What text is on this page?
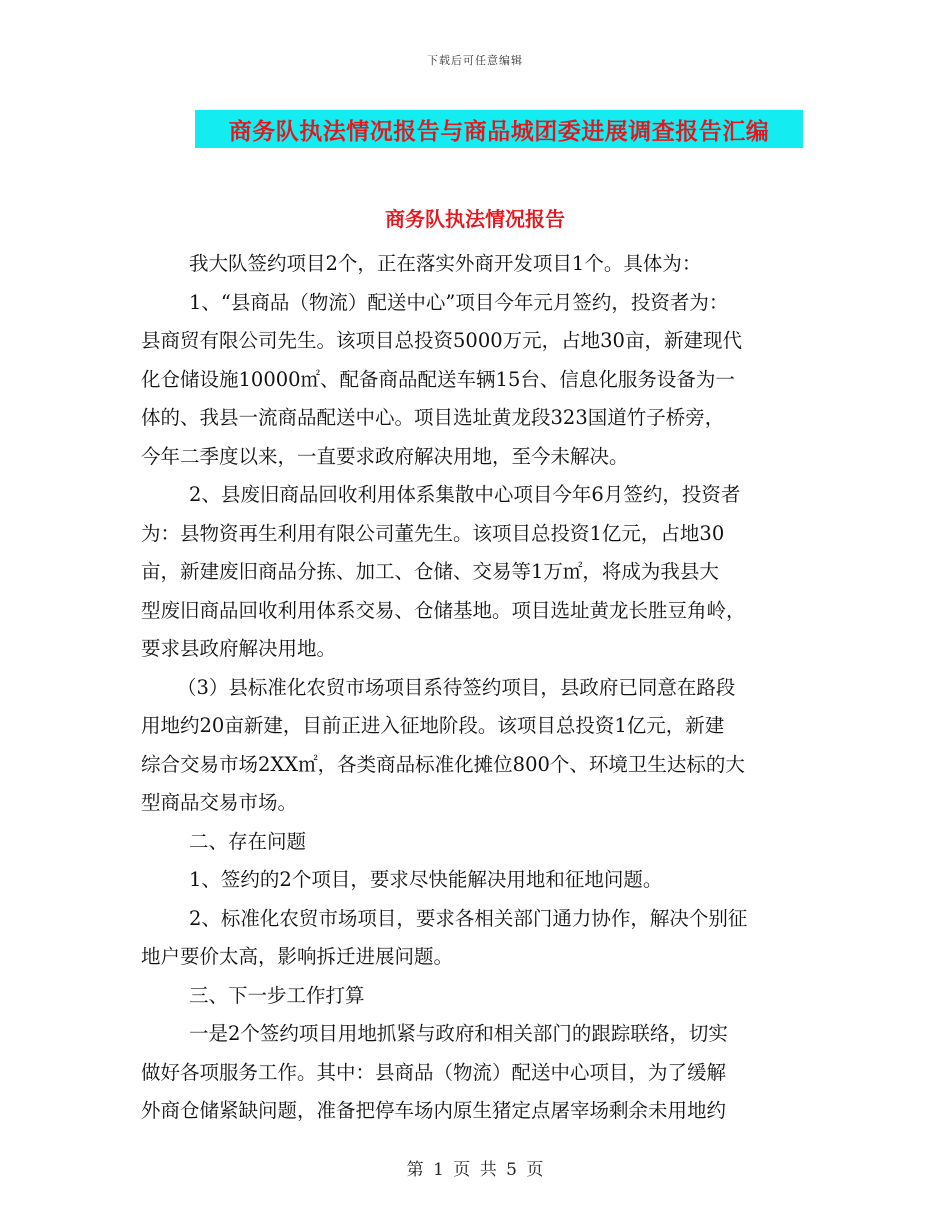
下载后可任意编辑
商务队执法情况报告与商品城团委进展调查报告汇编
商务队执法情况报告
我大队签约项目2个，正在落实外商开发项目1个。具体为：
1、“县商品（物流）配送中心”项目今年元月签约，投资者为：
县商贸有限公司先生。该项目总投资5000万元，占地30亩，新建现代
化仓储设施10000㎡、配备商品配送车辆15台、信息化服务设备为一
体的、我县一流商品配送中心。项目选址黄龙段323国道竹子桥旁，
今年二季度以来，一直要求政府解决用地，至今未解决。
2、县废旧商品回收利用体系集散中心项目今年6月签约，投资者
为：县物资再生利用有限公司董先生。该项目总投资1亿元，占地30
亩，新建废旧商品分拣、加工、仓储、交易等1万㎡，将成为我县大
型废旧商品回收利用体系交易、仓储基地。项目选址黄龙长胜豆角岭，
要求县政府解决用地。
（3）县标准化农贸市场项目系待签约项目，县政府已同意在路段
用地约20亩新建，目前正进入征地阶段。该项目总投资1亿元，新建
综合交易市场2XX㎡，各类商品标准化摊位800个、环境卫生达标的大
型商品交易市场。
二、存在问题
1、签约的2个项目，要求尽快能解决用地和征地问题。
2、标准化农贸市场项目，要求各相关部门通力协作，解决个别征
地户要价太高，影响拆迁进展问题。
三、下一步工作打算
一是2个签约项目用地抓紧与政府和相关部门的跟踪联络，切实
做好各项服务工作。其中：县商品（物流）配送中心项目，为了缓解
外商仓储紧缺问题，准备把停车场内原生猪定点屠宰场剩余未用地约
第 1 页 共 5 页
